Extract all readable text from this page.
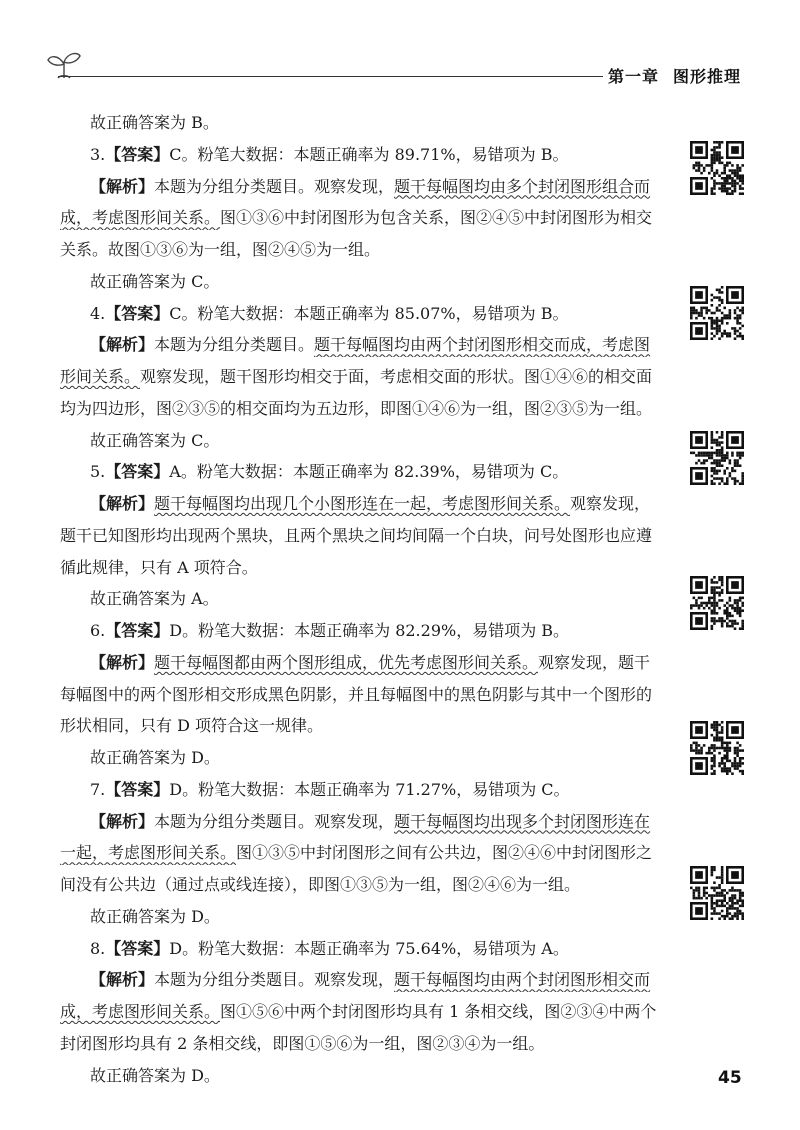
第一章 图形推理
故正确答案为 B。
3.【答案】C。粉笔大数据：本题正确率为 89.71%，易错项为 B。
【解析】本题为分组分类题目。观察发现，题干每幅图均由多个封闭图形组合而
成，考虑图形间关系。图①③⑥中封闭图形为包含关系，图②④⑤中封闭图形为相交
关系。故图①③⑥为一组，图②④⑤为一组。
故正确答案为 C。
4.【答案】C。粉笔大数据：本题正确率为 85.07%，易错项为 B。
【解析】本题为分组分类题目。题干每幅图均由两个封闭图形相交而成，考虑图
形间关系。观察发现，题干图形均相交于面，考虑相交面的形状。图①④⑥的相交面
均为四边形，图②③⑤的相交面均为五边形，即图①④⑥为一组，图②③⑤为一组。
故正确答案为 C。
5.【答案】A。粉笔大数据：本题正确率为 82.39%，易错项为 C。
【解析】题干每幅图均出现几个小图形连在一起，考虑图形间关系。观察发现，
题干已知图形均出现两个黑块，且两个黑块之间均间隔一个白块，问号处图形也应遵
循此规律，只有 A 项符合。
故正确答案为 A。
6.【答案】D。粉笔大数据：本题正确率为 82.29%，易错项为 B。
【解析】题干每幅图都由两个图形组成，优先考虑图形间关系。观察发现，题干
每幅图中的两个图形相交形成黑色阴影，并且每幅图中的黑色阴影与其中一个图形的
形状相同，只有 D 项符合这一规律。
故正确答案为 D。
7.【答案】D。粉笔大数据：本题正确率为 71.27%，易错项为 C。
【解析】本题为分组分类题目。观察发现，题干每幅图均出现多个封闭图形连在
一起，考虑图形间关系。图①③⑤中封闭图形之间有公共边，图②④⑥中封闭图形之
间没有公共边（通过点或线连接），即图①③⑤为一组，图②④⑥为一组。
故正确答案为 D。
8.【答案】D。粉笔大数据：本题正确率为 75.64%，易错项为 A。
【解析】本题为分组分类题目。观察发现，题干每幅图均由两个封闭图形相交而
成，考虑图形间关系。图①⑤⑥中两个封闭图形均具有 1 条相交线，图②③④中两个
封闭图形均具有 2 条相交线，即图①⑤⑥为一组，图②③④为一组。
故正确答案为 D。	45
